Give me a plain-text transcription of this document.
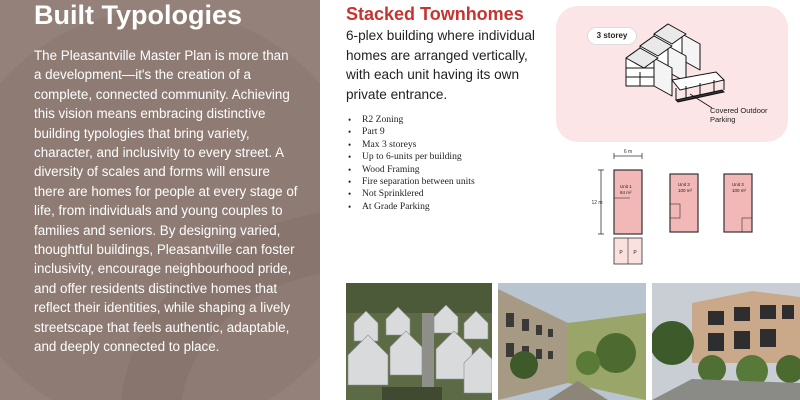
Built Typologies

The Pleasantville Master Plan is more than a development—it's the creation of a complete, connected community. Achieving this vision means embracing distinctive building typologies that bring variety, character, and inclusivity to every street. A diversity of scales and forms will ensure there are homes for people at every stage of life, from individuals and young couples to families and seniors. By designing varied, thoughtful buildings, Pleasantville can foster inclusivity, encourage neighbourhood pride, and offer residents distinctive homes that reflect their identities, while shaping a lively streetscape that feels authentic, adaptable, and deeply connected to place.

Stacked Townhomes

6-plex building where individual homes are arranged vertically, with each unit having its own private entrance.

• R2 Zoning
• Part 9
• Max 3 storeys
• Up to 6-units per building
• Wood Framing
• Fire separation between units
• Not Sprinklered
• At Grade Parking
3 storey
Covered Outdoor Parking
6 m
12 m
Unit 1
84 m²
P P
Unit 3
100 m²
Unit 3
100 m²
